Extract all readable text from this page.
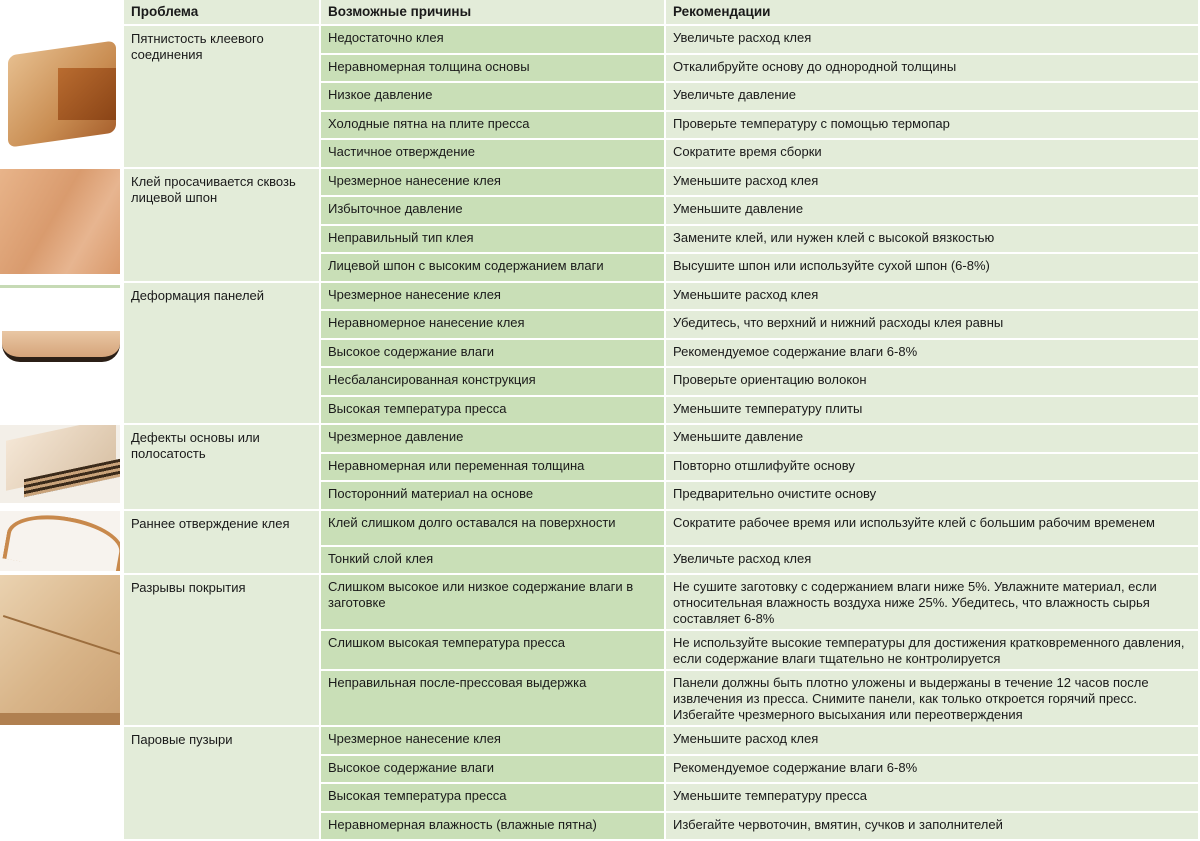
	Проблема	Возможные причины	Рекомендации

	Пятнистость клеевого соединения	Недостаточно клея	Увеличьте расход клея
		Неравномерная толщина основы	Откалибруйте основу до однородной толщины
		Низкое давление	Увеличьте давление
		Холодные пятна на плите пресса	Проверьте температуру с помощью термопар
		Частичное отверждение	Сократите время сборки

	Клей просачивается сквозь лицевой шпон	Чрезмерное нанесение клея	Уменьшите расход клея
		Избыточное давление	Уменьшите давление
		Неправильный тип клея	Замените клей, или нужен клей с высокой вязкостью
		Лицевой шпон с высоким содержанием влаги	Высушите шпон или используйте сухой шпон (6-8%)

	Деформация панелей	Чрезмерное нанесение клея	Уменьшите расход клея
		Неравномерное нанесение клея	Убедитесь, что верхний и нижний расходы клея равны
		Высокое содержание влаги	Рекомендуемое содержание влаги 6-8%
		Несбалансированная конструкция	Проверьте ориентацию волокон
		Высокая температура пресса	Уменьшите температуру плиты

	Дефекты основы или полосатость	Чрезмерное давление	Уменьшите давление
		Неравномерная или переменная толщина	Повторно отшлифуйте основу
		Посторонний материал на основе	Предварительно очистите основу

	Раннее отверждение клея	Клей слишком долго оставался на поверхности	Сократите рабочее время или используйте клей с большим рабочим временем
		Тонкий слой клея	Увеличьте расход клея

	Разрывы покрытия	Слишком высокое или низкое содержание влаги в заготовке	Не сушите заготовку с содержанием влаги ниже 5%. Увлажните материал, если относительная влажность воздуха ниже 25%. Убедитесь, что влажность сырья составляет 6-8%
		Слишком высокая температура пресса	Не используйте высокие температуры для достижения кратковременного давления, если содержание влаги тщательно не контролируется
		Неправильная после-прессовая выдержка	Панели должны быть плотно уложены и выдержаны в течение 12 часов после извлечения из пресса. Снимите панели, как только откроется горячий пресс. Избегайте чрезмерного высыхания или переотверждения
	Паровые пузыри	Чрезмерное нанесение клея	Уменьшите расход клея
		Высокое содержание влаги	Рекомендуемое содержание влаги 6-8%
		Высокая температура пресса	Уменьшите температуру пресса
		Неравномерная влажность (влажные пятна)	Избегайте червоточин, вмятин, сучков и заполнителей
